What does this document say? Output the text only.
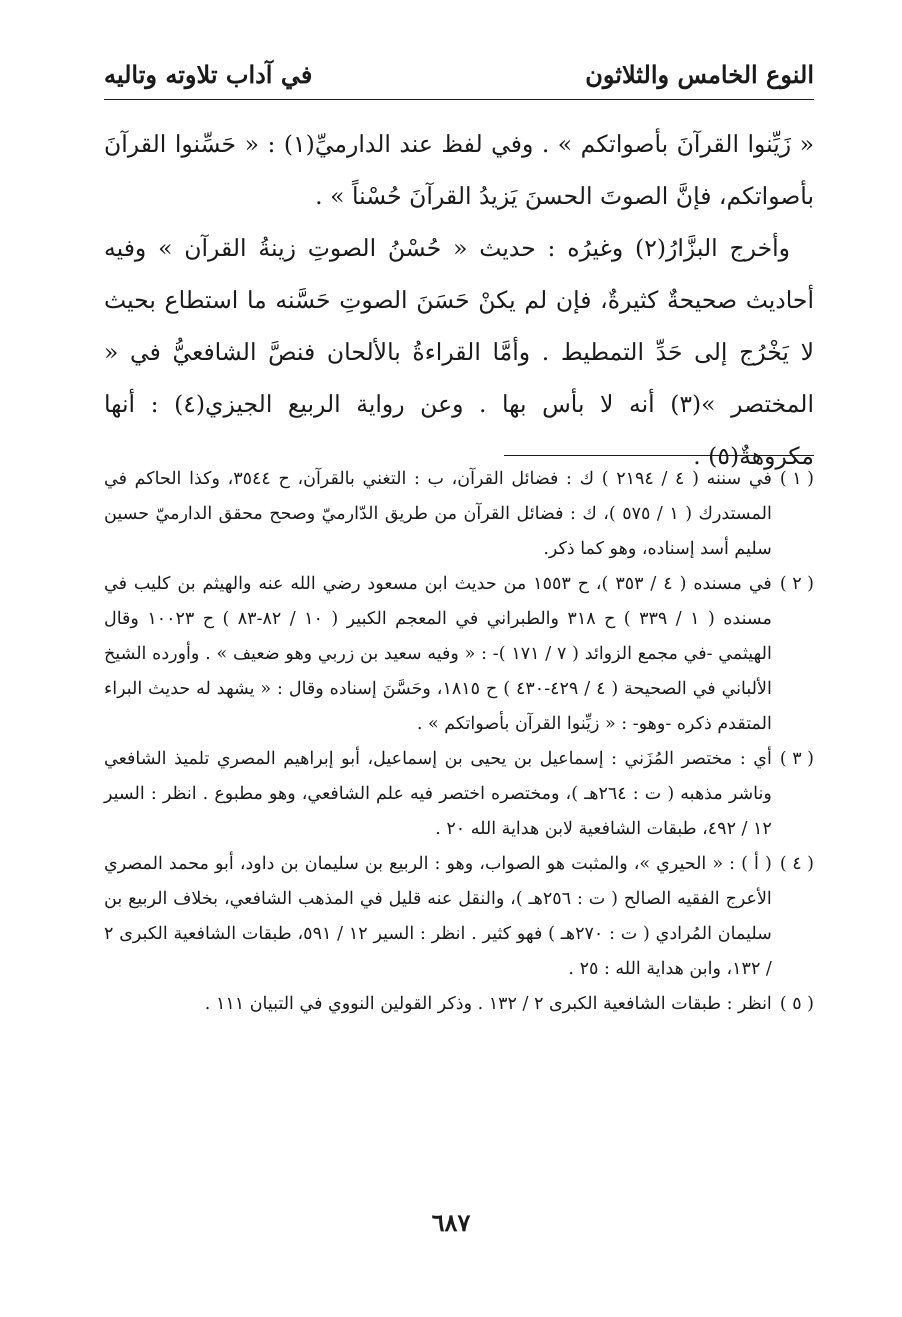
النوع الخامس والثلاثون
في آداب تلاوته وتاليه

« زَيِّنوا القرآنَ بأصواتكم » . وفي لفظ عند الدارميِّ(١) : « حَسِّنوا القرآنَ بأصواتكم، فإنَّ الصوتَ الحسنَ يَزيدُ القرآنَ حُسْناً » .

وأخرج البزَّارُ(٢) وغيرُه : حديث « حُسْنُ الصوتِ زينةُ القرآن » وفيه أحاديث صحيحةٌ كثيرةٌ، فإن لم يكنْ حَسَنَ الصوتِ حَسَّنه ما استطاع بحيث لا يَخْرُج إلى حَدِّ التمطيط . وأمَّا القراءةُ بالألحان فنصَّ الشافعيُّ في « المختصر »(٣) أنه لا بأس بها . وعن رواية الربيع الجيزي(٤) : أنها مكروهةٌ(٥) .

( ١ )
في سننه ( ٤ / ٢١٩٤ ) ك : فضائل القرآن، ب : التغني بالقرآن، ح ٣٥٤٤، وكذا الحاكم في المستدرك ( ١ / ٥٧٥ )، ك : فضائل القرآن من طريق الدّارميّ وصحح محقق الدارميّ حسين سليم أسد إسناده، وهو كما ذكر.
( ٢ )
في مسنده ( ٤ / ٣٥٣ )، ح ١٥٥٣ من حديث ابن مسعود رضي الله عنه والهيثم بن كليب في مسنده ( ١ / ٣٣٩ ) ح ٣١٨ والطبراني في المعجم الكبير ( ١٠ / ٨٢-٨٣ ) ح ١٠٠٢٣ وقال الهيثمي -في مجمع الزوائد ( ٧ / ١٧١ )- : « وفيه سعيد بن زربي وهو ضعيف » . وأورده الشيخ الألباني في الصحيحة ( ٤ / ٤٢٩-٤٣٠ ) ح ١٨١٥، وحَسَّنَ إسناده وقال : « يشهد له حديث البراء المتقدم ذكره -وهو- : « زيِّنوا القرآن بأصواتكم » .
( ٣ )
أي : مختصر المُزَني : إسماعيل بن يحيى بن إسماعيل، أبو إبراهيم المصري تلميذ الشافعي وناشر مذهبه ( ت : ٢٦٤هـ )، ومختصره اختصر فيه علم الشافعي، وهو مطبوع . انظر : السير ١٢ / ٤٩٢، طبقات الشافعية لابن هداية الله ٢٠ .
( ٤ )
( أ ) : « الحيري »، والمثبت هو الصواب، وهو : الربيع بن سليمان بن داود، أبو محمد المصري الأعرج الفقيه الصالح ( ت : ٢٥٦هـ )، والنقل عنه قليل في المذهب الشافعي، بخلاف الربيع بن سليمان المُرادي ( ت : ٢٧٠هـ ) فهو كثير . انظر : السير ١٢ / ٥٩١، طبقات الشافعية الكبرى ٢ / ١٣٢، وابن هداية الله : ٢٥ .
( ٥ )
انظر : طبقات الشافعية الكبرى ٢ / ١٣٢ . وذكر القولين النووي في التبيان ١١١ .
٦٨٧
